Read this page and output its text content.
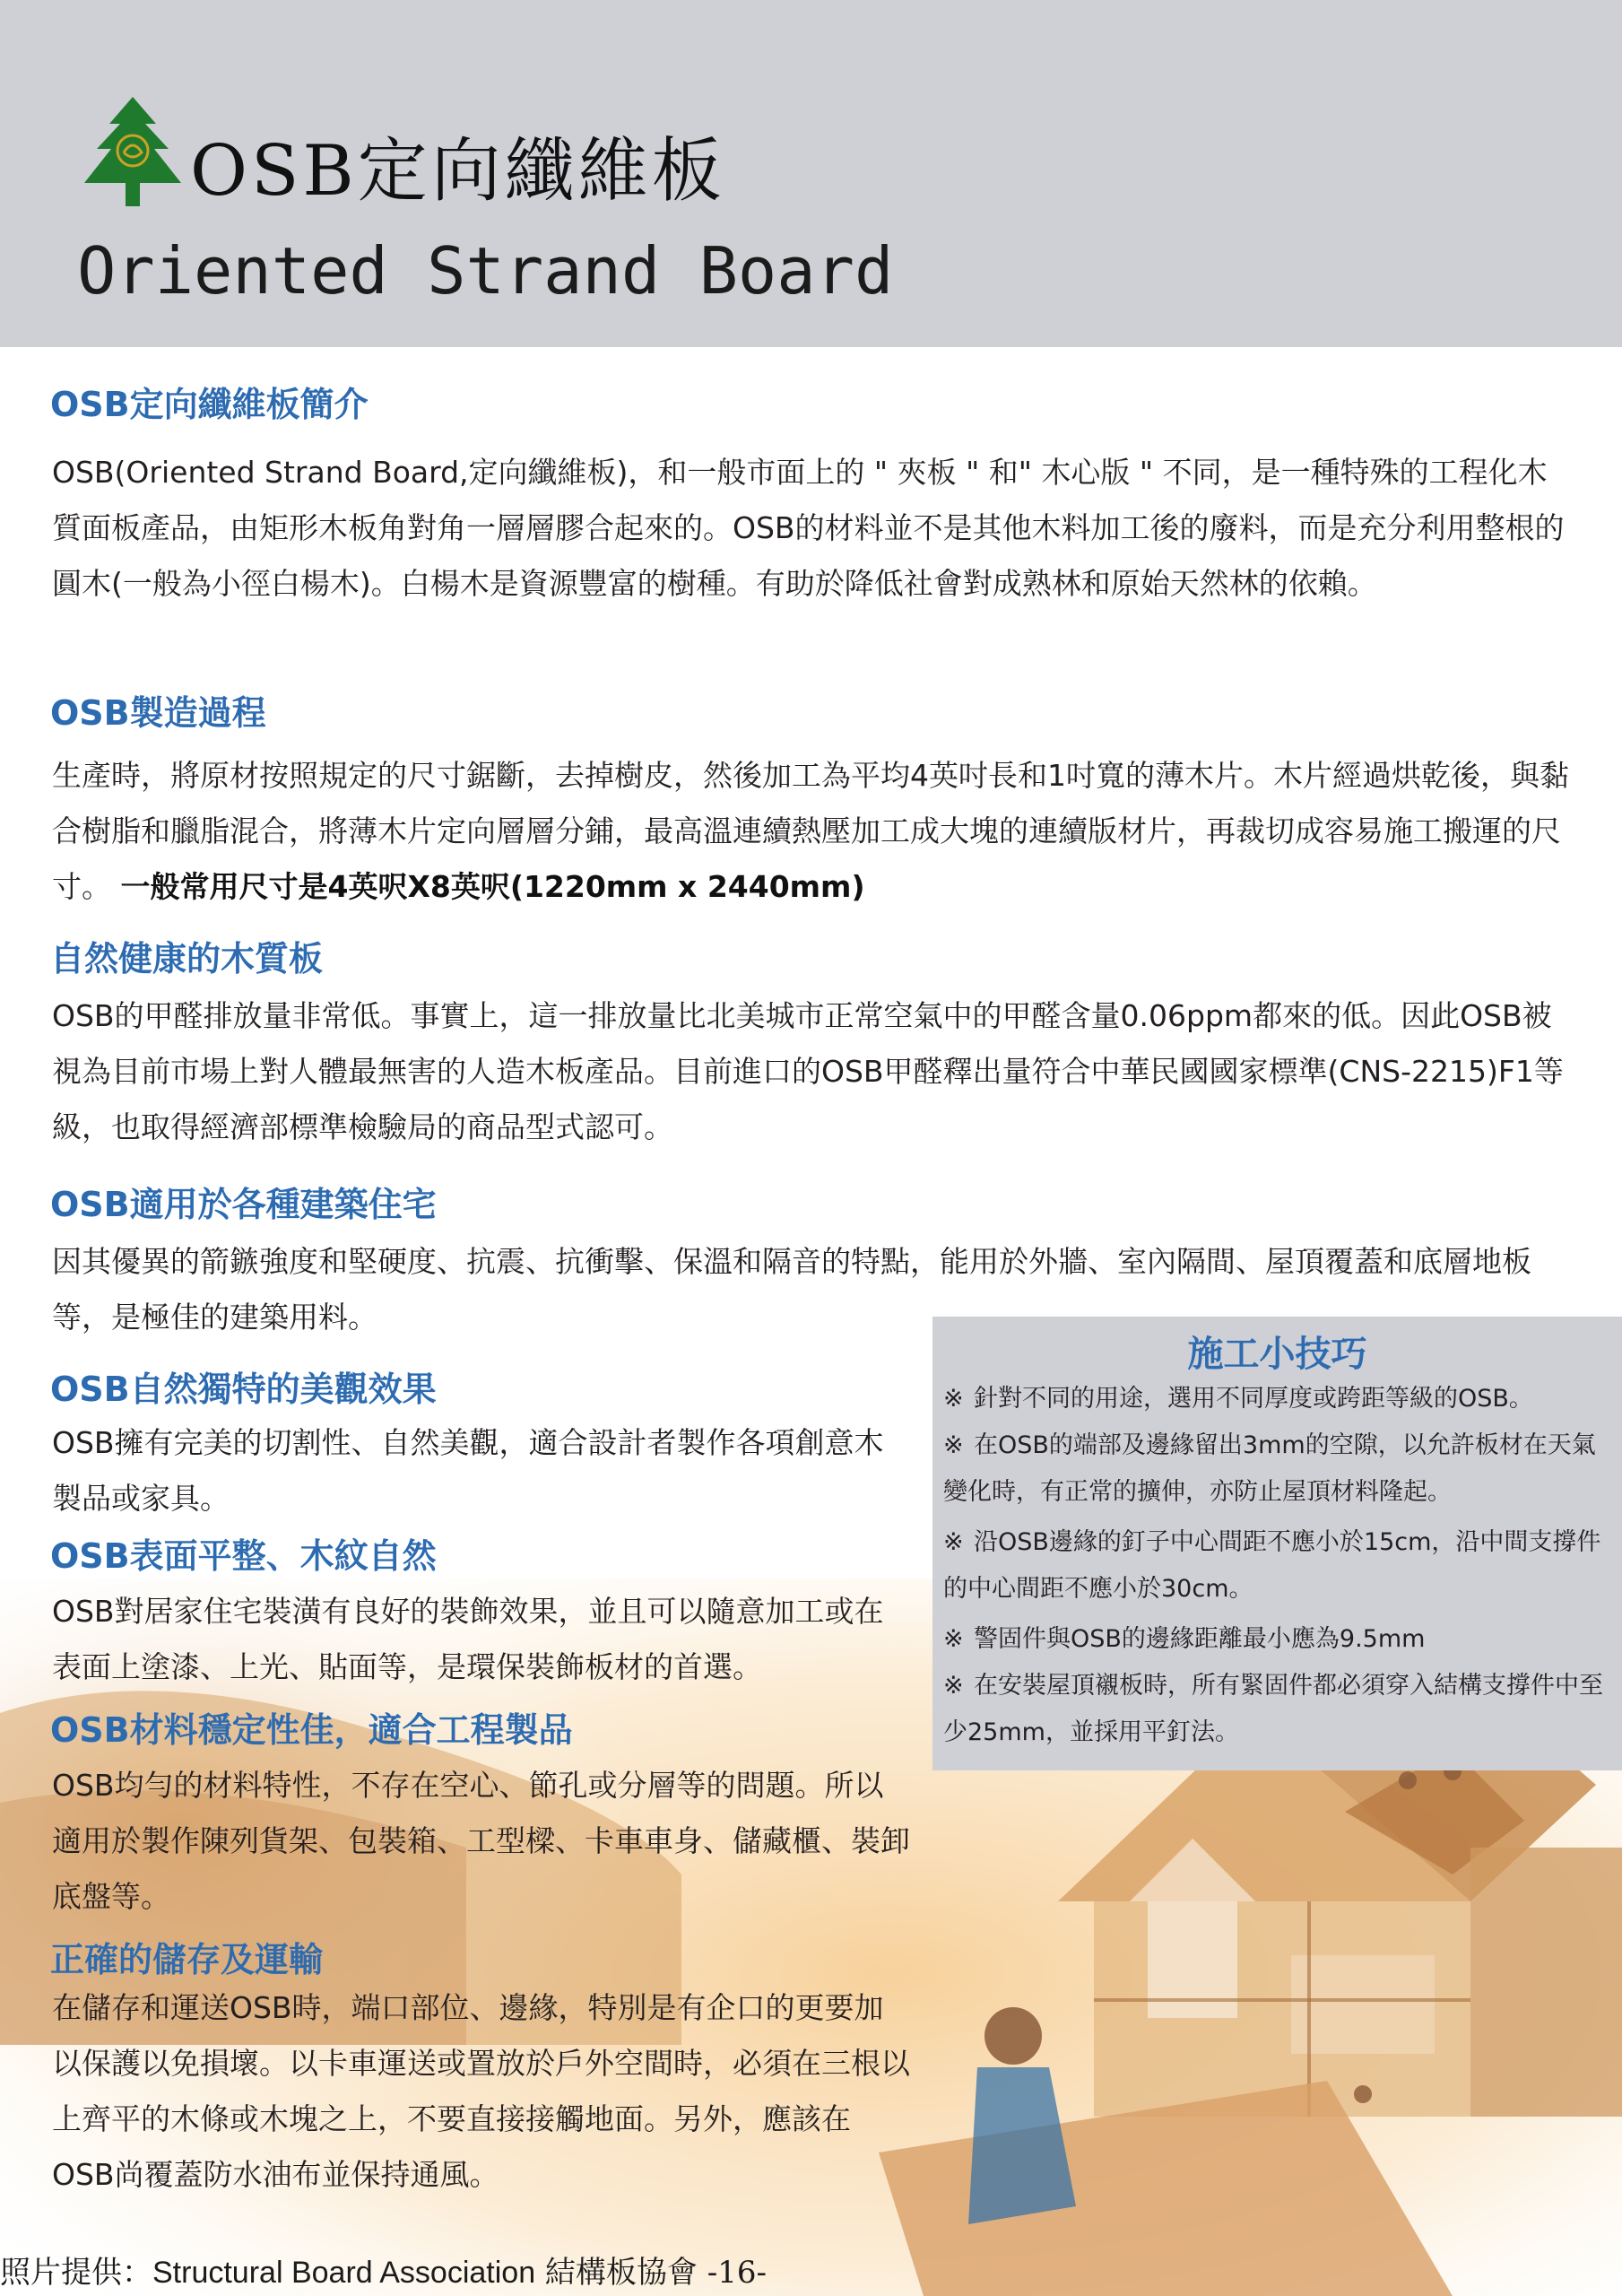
OSB定向纖維板
Oriented Strand Board
OSB定向纖維板簡介

OSB(Oriented Strand Board,定向纖維板)，和一般市面上的 " 夾板 " 和" 木心版 " 不同，是一種特殊的工程化木質面板產品，由矩形木板角對角一層層膠合起來的。OSB的材料並不是其他木料加工後的廢料，而是充分利用整根的圓木(一般為小徑白楊木)。白楊木是資源豐富的樹種。有助於降低社會對成熟林和原始天然林的依賴。

OSB製造過程

生產時，將原材按照規定的尺寸鋸斷，去掉樹皮，然後加工為平均4英吋長和1吋寬的薄木片。木片經過烘乾後，與黏合樹脂和臘脂混合，將薄木片定向層層分鋪，最高溫連續熱壓加工成大塊的連續版材片，再裁切成容易施工搬運的尺寸。 一般常用尺寸是4英呎X8英呎(1220mm x 2440mm)

自然健康的木質板

OSB的甲醛排放量非常低。事實上，這一排放量比北美城市正常空氣中的甲醛含量0.06ppm都來的低。因此OSB被視為目前市場上對人體最無害的人造木板產品。目前進口的OSB甲醛釋出量符合中華民國國家標準(CNS-2215)F1等級，也取得經濟部標準檢驗局的商品型式認可。

OSB適用於各種建築住宅

因其優異的箭鏃強度和堅硬度、抗震、抗衝擊、保溫和隔音的特點，能用於外牆、室內隔間、屋頂覆蓋和底層地板等，是極佳的建築用料。

OSB自然獨特的美觀效果

OSB擁有完美的切割性、自然美觀，適合設計者製作各項創意木製品或家具。

OSB表面平整、木紋自然

OSB對居家住宅裝潢有良好的裝飾效果，並且可以隨意加工或在表面上塗漆、上光、貼面等，是環保裝飾板材的首選。

OSB材料穩定性佳，適合工程製品

OSB均勻的材料特性，不存在空心、節孔或分層等的問題。所以適用於製作陳列貨架、包裝箱、工型樑、卡車車身、儲藏櫃、裝卸底盤等。

正確的儲存及運輸

在儲存和運送OSB時，端口部位、邊緣，特別是有企口的更要加以保護以免損壞。以卡車運送或置放於戶外空間時，必須在三根以上齊平的木條或木塊之上，不要直接接觸地面。另外，應該在OSB尚覆蓋防水油布並保持通風。

施工小技巧
※ 針對不同的用途，選用不同厚度或跨距等級的OSB。
※ 在OSB的端部及邊緣留出3mm的空隙，以允許板材在天氣變化時，有正常的擴伸，亦防止屋頂材料隆起。
※ 沿OSB邊緣的釘子中心間距不應小於15cm，沿中間支撐件的中心間距不應小於30cm。
※ 警固件與OSB的邊緣距離最小應為9.5mm
※ 在安裝屋頂襯板時，所有緊固件都必須穿入結構支撐件中至少25mm，並採用平釘法。
照片提供：Structural Board Association 結構板協會 -16-
